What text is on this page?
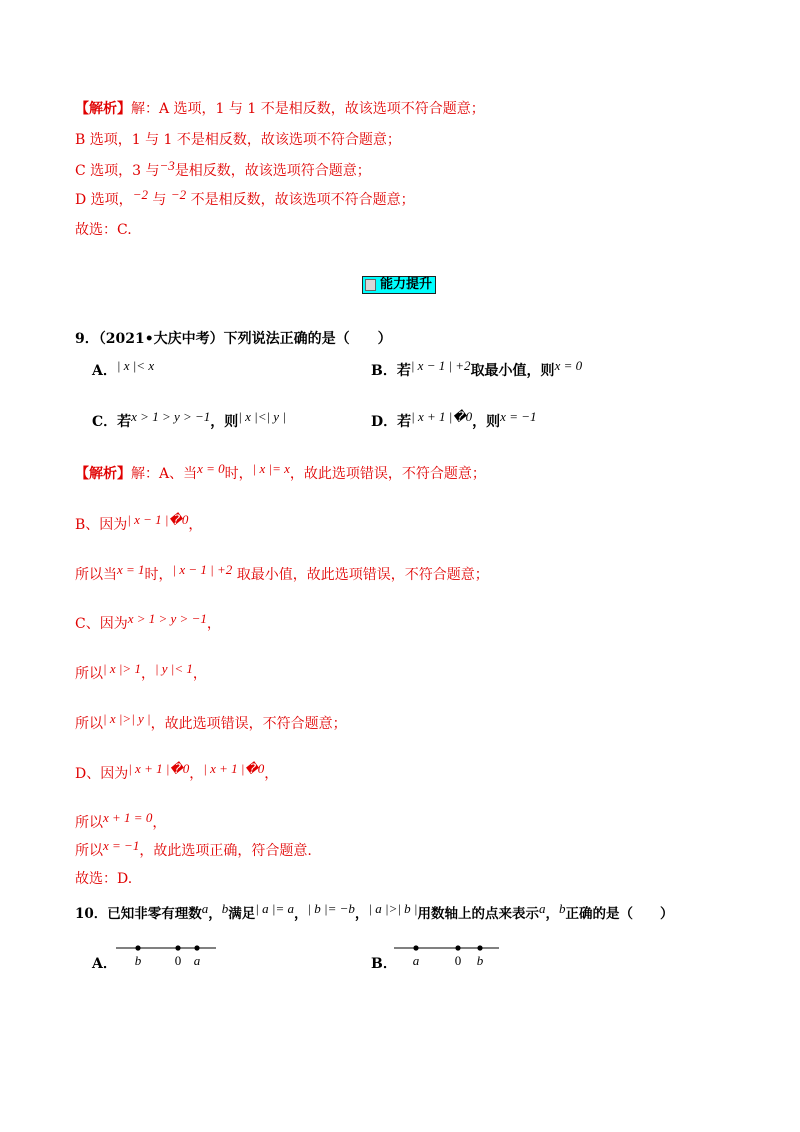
【解析】解：A 选项，1 与 1 不是相反数，故该选项不符合题意；
B 选项，1 与 1 不是相反数，故该选项不符合题意；
C 选项，3 与−3是相反数，故该选项符合题意；
D 选项，−2 与 −2 不是相反数，故该选项不符合题意；
故选：C.
能力提升
9．（2021•大庆中考）下列说法正确的是（　　）
A．| x |< x	B．若| x − 1 | +2取最小值，则x = 0
C．若x > 1 > y > −1，则| x |<| y |	D．若| x + 1 |�0，则x = −1
【解析】解：A、当x = 0时，| x |= x，故此选项错误，不符合题意；
B、因为| x − 1 |�0，
所以当x = 1时，| x − 1 | +2 取最小值，故此选项错误，不符合题意；
C、因为x > 1 > y > −1，
所以| x |> 1，| y |< 1，
所以| x |>| y |，故此选项错误，不符合题意；
D、因为| x + 1 |�0，| x + 1 |�0，
所以x + 1 = 0，
所以x = −1，故此选项正确，符合题意.
故选：D.
10．已知非零有理数a，b满足| a |= a，| b |= −b，| a |>| b |用数轴上的点来表示a，b正确的是（　　）
A． b	0 a	B． a	0 b
